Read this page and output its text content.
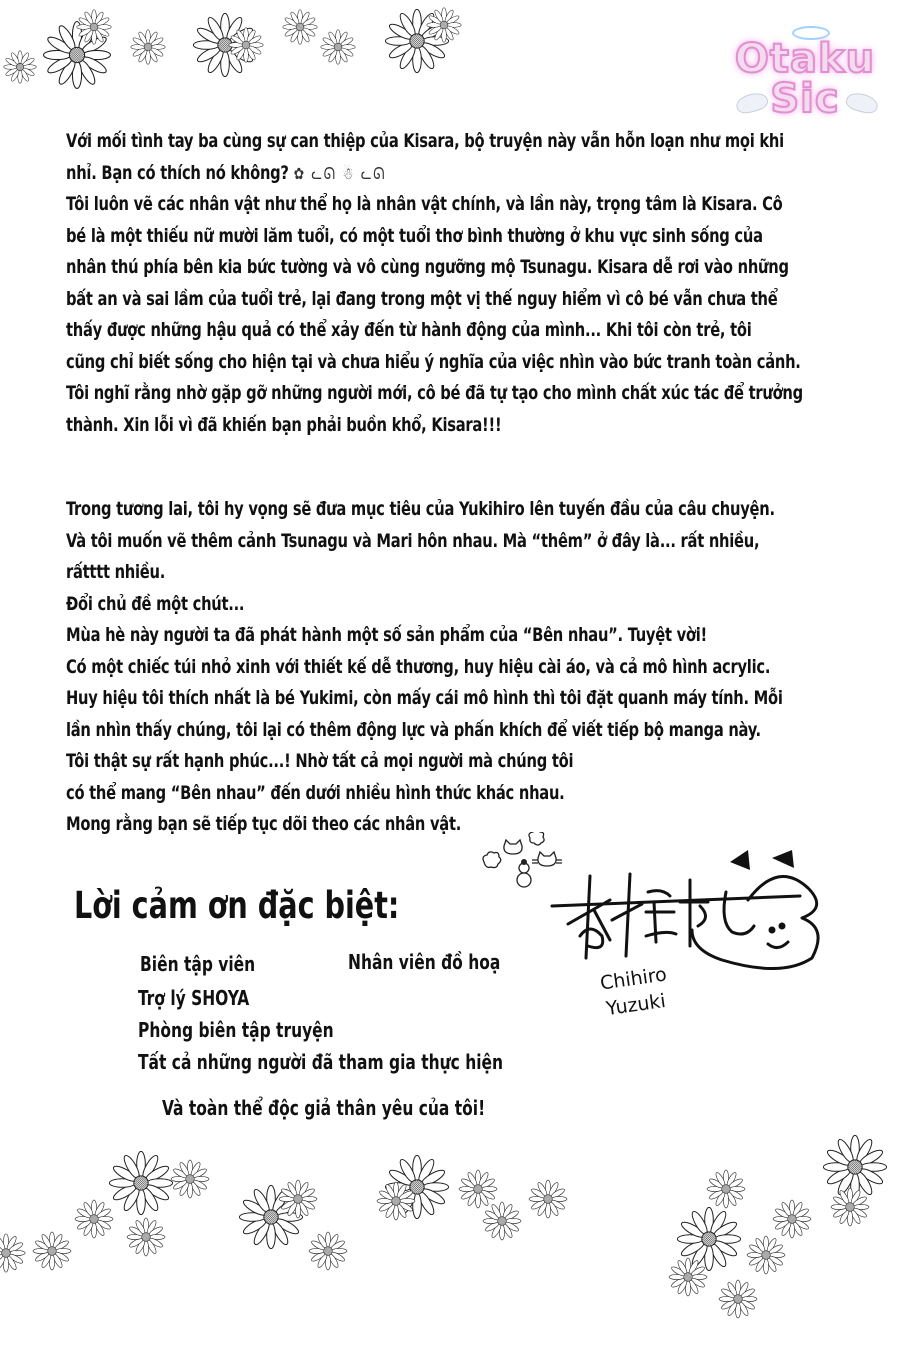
Otaku
Sic
Với mối tình tay ba cùng sự can thiệp của Kisara, bộ truyện này vẫn hỗn loạn như mọi khi
nhỉ. Bạn có thích nó không? ✿ ᓚᘏ ☃ ᓚᘏ
Tôi luôn vẽ các nhân vật như thể họ là nhân vật chính, và lần này, trọng tâm là Kisara. Cô
bé là một thiếu nữ mười lăm tuổi, có một tuổi thơ bình thường ở khu vực sinh sống của
nhân thú phía bên kia bức tường và vô cùng ngưỡng mộ Tsunagu. Kisara dễ rơi vào những
bất an và sai lầm của tuổi trẻ, lại đang trong một vị thế nguy hiểm vì cô bé vẫn chưa thể
thấy được những hậu quả có thể xảy đến từ hành động của mình... Khi tôi còn trẻ, tôi
cũng chỉ biết sống cho hiện tại và chưa hiểu ý nghĩa của việc nhìn vào bức tranh toàn cảnh.
Tôi nghĩ rằng nhờ gặp gỡ những người mới, cô bé đã tự tạo cho mình chất xúc tác để trưởng
thành. Xin lỗi vì đã khiến bạn phải buồn khổ, Kisara!!!
Trong tương lai, tôi hy vọng sẽ đưa mục tiêu của Yukihiro lên tuyến đầu của câu chuyện.
Và tôi muốn vẽ thêm cảnh Tsunagu và Mari hôn nhau. Mà “thêm” ở đây là... rất nhiều,
rấtttt nhiều.
Đổi chủ đề một chút...
Mùa hè này người ta đã phát hành một số sản phẩm của “Bên nhau”. Tuyệt vời!
Có một chiếc túi nhỏ xinh với thiết kế dễ thương, huy hiệu cài áo, và cả mô hình acrylic.
Huy hiệu tôi thích nhất là bé Yukimi, còn mấy cái mô hình thì tôi đặt quanh máy tính. Mỗi
lần nhìn thấy chúng, tôi lại có thêm động lực và phấn khích để viết tiếp bộ manga này.
Tôi thật sự rất hạnh phúc...! Nhờ tất cả mọi người mà chúng tôi
có thể mang “Bên nhau” đến dưới nhiều hình thức khác nhau.
Mong rằng bạn sẽ tiếp tục dõi theo các nhân vật.
Lời cảm ơn đặc biệt:
Biên tập viên	Nhân viên đồ hoạ
Trợ lý SHOYA
Phòng biên tập truyện
Tất cả những người đã tham gia thực hiện
Và toàn thể độc giả thân yêu của tôi!
Chihiro
Yuzuki
